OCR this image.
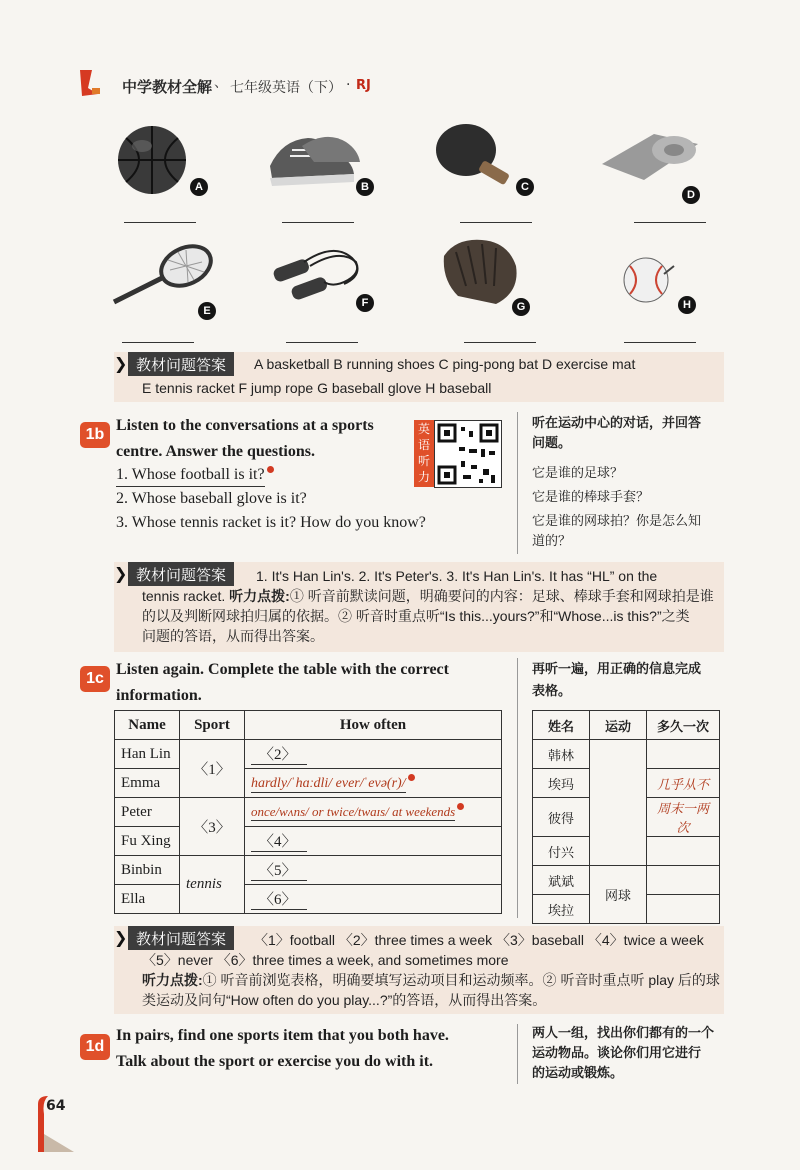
中学教材全解 、 七年级英语（下） · RJ
A	B	C
D
E
F	G	H
❯ 教材问题答案	A basketball B running shoes C ping-pong bat D exercise mat
E tennis racket F jump rope G baseball glove H baseball
1b
Listen to the conversations at a sports
centre. Answer the questions.
英语听力
1. Whose football is it?
2. Whose baseball glove is it?
3. Whose tennis racket is it? How do you know?
听在运动中心的对话，并回答
问题。
它是谁的足球？
它是谁的棒球手套？
它是谁的网球拍？你是怎么知
道的？
❯ 教材问题答案	1. It's Han Lin's. 2. It's Peter's. 3. It's Han Lin's. It has “HL” on the
tennis racket. 听力点拨:① 听音前默读问题，明确要问的内容：足球、棒球手套和网球拍是谁
的以及判断网球拍归属的依据。② 听音时重点听“Is this...yours?”和“Whose...is this?”之类
问题的答语，从而得出答案。
1c
Listen again. Complete the table with the correct
information.
再听一遍，用正确的信息完成
表格。
Name	Sport	How often
Han Lin	〈1〉	〈2〉
Emma		hardly/ˈhɑːdli/ ever/ˈevə(r)/
Peter	〈3〉	once/wʌns/ or twice/twaɪs/ at weekends
Fu Xing		〈4〉
Binbin	tennis	〈5〉
Ella		〈6〉
姓名	运动	多久一次
韩林		
埃玛		几乎从不
彼得		周末一两次
付兴		
斌斌	网球	
埃拉		
❯ 教材问题答案	〈1〉football 〈2〉three times a week 〈3〉baseball 〈4〉twice a week
〈5〉never 〈6〉three times a week, and sometimes more
听力点拨:① 听音前浏览表格，明确要填写运动项目和运动频率。② 听音时重点听 play 后的球
类运动及问句“How often do you play...?”的答语，从而得出答案。
1d
In pairs, find one sports item that you both have.
Talk about the sport or exercise you do with it.
两人一组，找出你们都有的一个
运动物品。谈论你们用它进行
的运动或锻炼。
64
